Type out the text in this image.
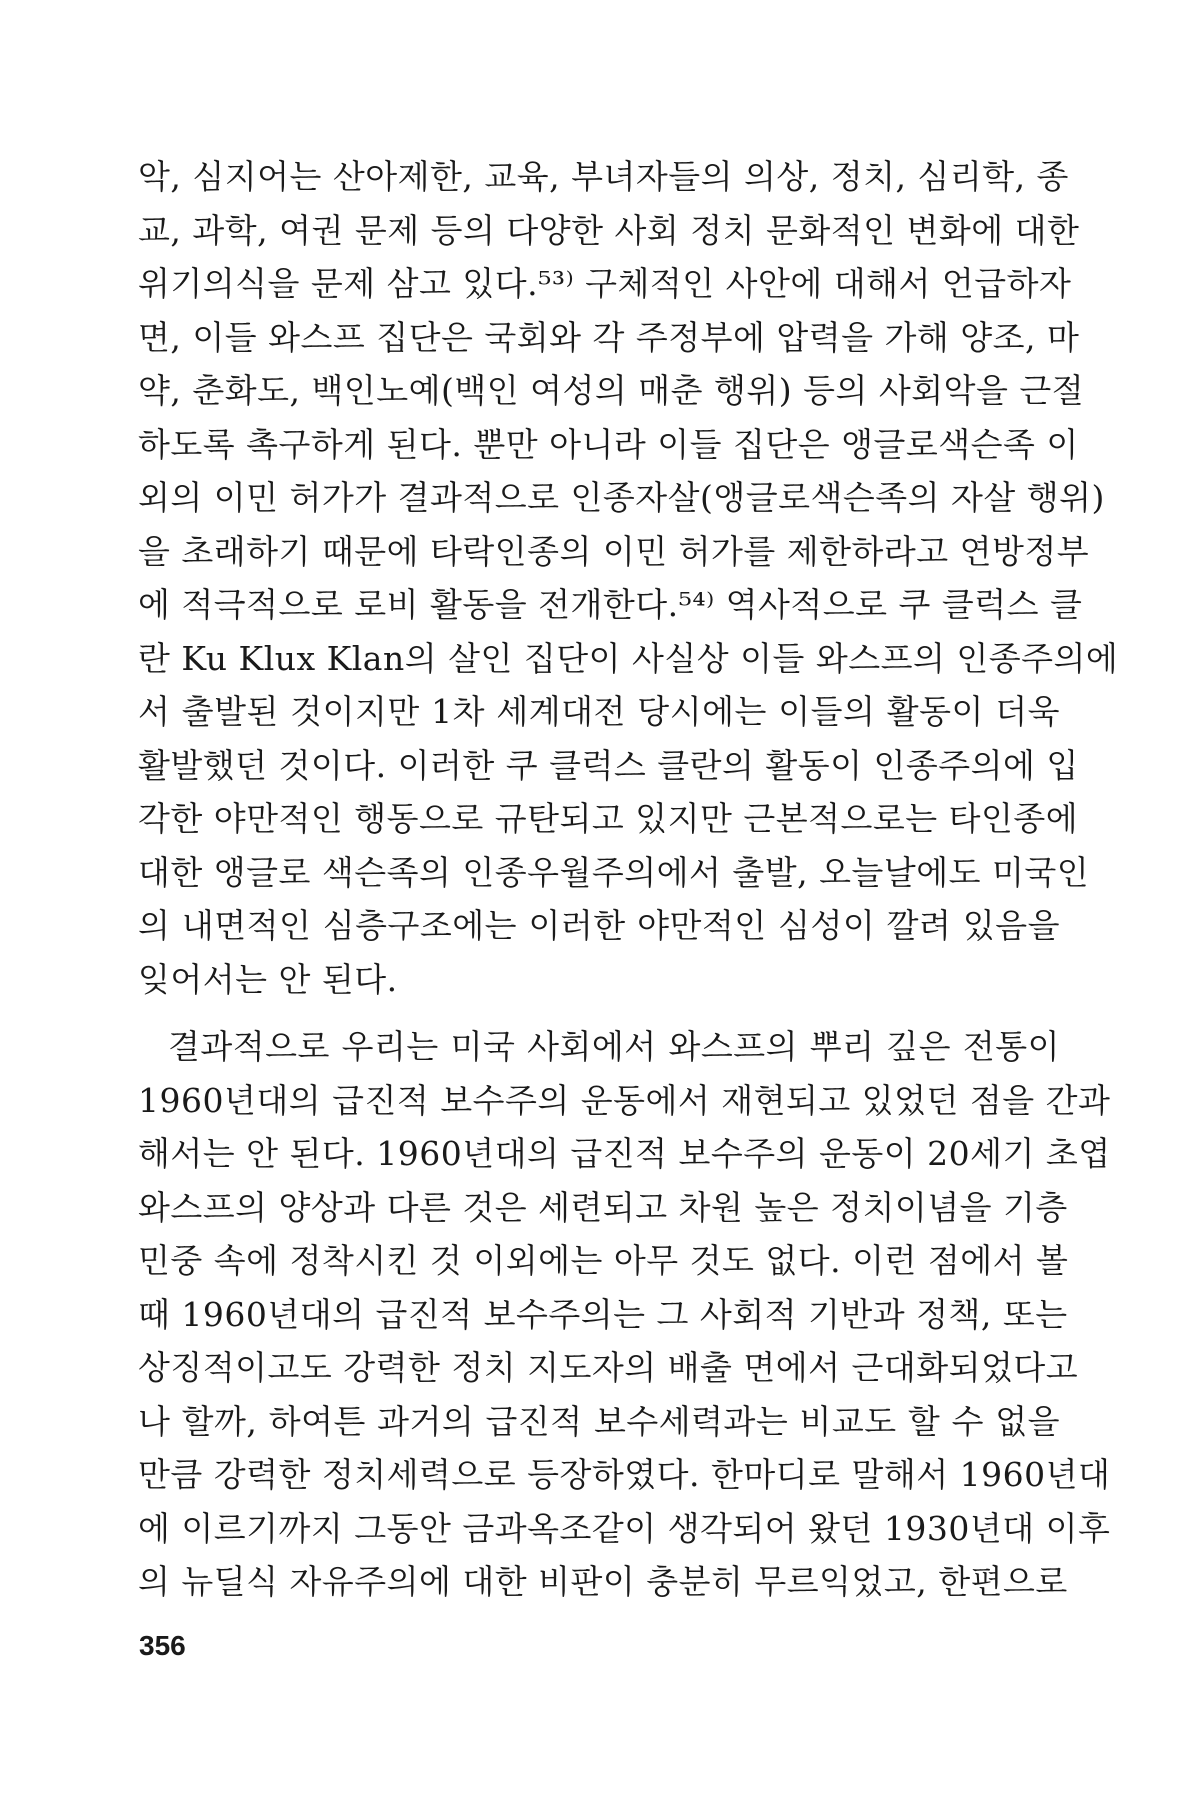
악, 심지어는 산아제한, 교육, 부녀자들의 의상, 정치, 심리학, 종
교, 과학, 여권 문제 등의 다양한 사회 정치 문화적인 변화에 대한
위기의식을 문제 삼고 있다.⁵³⁾ 구체적인 사안에 대해서 언급하자
면, 이들 와스프 집단은 국회와 각 주정부에 압력을 가해 양조, 마
약, 춘화도, 백인노예(백인 여성의 매춘 행위) 등의 사회악을 근절
하도록 촉구하게 된다. 뿐만 아니라 이들 집단은 앵글로색슨족 이
외의 이민 허가가 결과적으로 인종자살(앵글로색슨족의 자살 행위)
을 초래하기 때문에 타락인종의 이민 허가를 제한하라고 연방정부
에 적극적으로 로비 활동을 전개한다.⁵⁴⁾ 역사적으로 쿠 클럭스 클
란 Ku Klux Klan의 살인 집단이 사실상 이들 와스프의 인종주의에
서 출발된 것이지만 1차 세계대전 당시에는 이들의 활동이 더욱
활발했던 것이다. 이러한 쿠 클럭스 클란의 활동이 인종주의에 입
각한 야만적인 행동으로 규탄되고 있지만 근본적으로는 타인종에
대한 앵글로 색슨족의 인종우월주의에서 출발, 오늘날에도 미국인
의 내면적인 심층구조에는 이러한 야만적인 심성이 깔려 있음을
잊어서는 안 된다.
결과적으로 우리는 미국 사회에서 와스프의 뿌리 깊은 전통이
1960년대의 급진적 보수주의 운동에서 재현되고 있었던 점을 간과
해서는 안 된다. 1960년대의 급진적 보수주의 운동이 20세기 초엽
와스프의 양상과 다른 것은 세련되고 차원 높은 정치이념을 기층
민중 속에 정착시킨 것 이외에는 아무 것도 없다. 이런 점에서 볼
때 1960년대의 급진적 보수주의는 그 사회적 기반과 정책, 또는
상징적이고도 강력한 정치 지도자의 배출 면에서 근대화되었다고
나 할까, 하여튼 과거의 급진적 보수세력과는 비교도 할 수 없을
만큼 강력한 정치세력으로 등장하였다. 한마디로 말해서 1960년대
에 이르기까지 그동안 금과옥조같이 생각되어 왔던 1930년대 이후
의 뉴딜식 자유주의에 대한 비판이 충분히 무르익었고, 한편으로
356
